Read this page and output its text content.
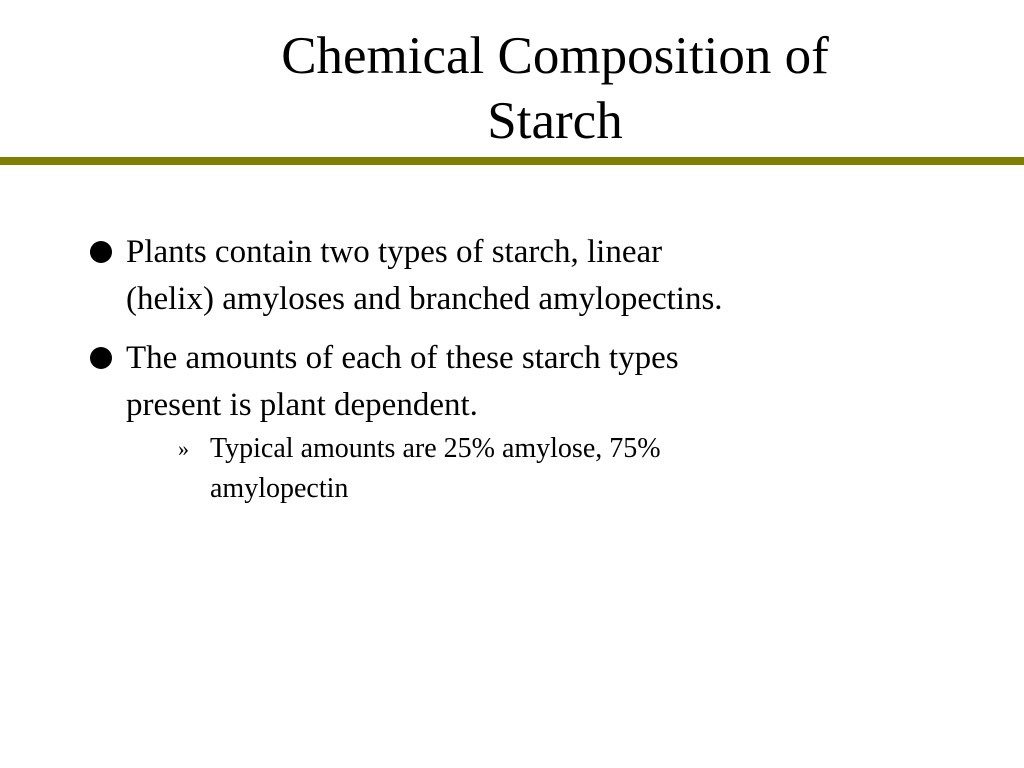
Chemical Composition of
Starch
Plants contain two types of starch, linear
(helix) amyloses and branched amylopectins.
The amounts of each of these starch types
present is plant dependent.
» Typical amounts are 25% amylose, 75%
amylopectin
